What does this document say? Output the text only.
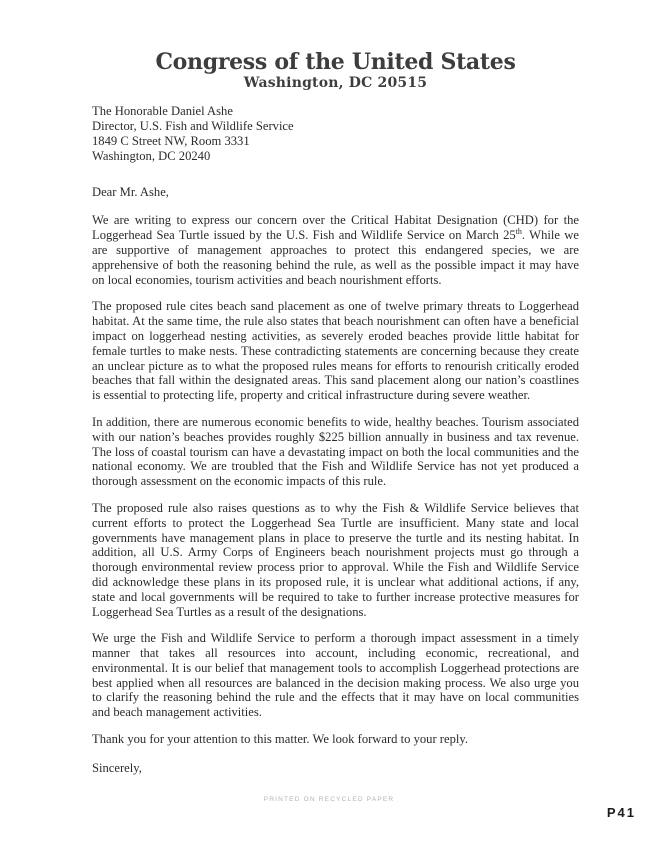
Congress of the United States
Washington, DC 20515
The Honorable Daniel Ashe
Director, U.S. Fish and Wildlife Service
1849 C Street NW, Room 3331
Washington, DC 20240

Dear Mr. Ashe,

We are writing to express our concern over the Critical Habitat Designation (CHD) for the Loggerhead Sea Turtle issued by the U.S. Fish and Wildlife Service on March 25th. While we are supportive of management approaches to protect this endangered species, we are apprehensive of both the reasoning behind the rule, as well as the possible impact it may have on local economies, tourism activities and beach nourishment efforts.

The proposed rule cites beach sand placement as one of twelve primary threats to Loggerhead habitat. At the same time, the rule also states that beach nourishment can often have a beneficial impact on loggerhead nesting activities, as severely eroded beaches provide little habitat for female turtles to make nests. These contradicting statements are concerning because they create an unclear picture as to what the proposed rules means for efforts to renourish critically eroded beaches that fall within the designated areas. This sand placement along our nation’s coastlines is essential to protecting life, property and critical infrastructure during severe weather.

In addition, there are numerous economic benefits to wide, healthy beaches. Tourism associated with our nation’s beaches provides roughly $225 billion annually in business and tax revenue. The loss of coastal tourism can have a devastating impact on both the local communities and the national economy. We are troubled that the Fish and Wildlife Service has not yet produced a thorough assessment on the economic impacts of this rule.

The proposed rule also raises questions as to why the Fish & Wildlife Service believes that current efforts to protect the Loggerhead Sea Turtle are insufficient. Many state and local governments have management plans in place to preserve the turtle and its nesting habitat. In addition, all U.S. Army Corps of Engineers beach nourishment projects must go through a thorough environmental review process prior to approval. While the Fish and Wildlife Service did acknowledge these plans in its proposed rule, it is unclear what additional actions, if any, state and local governments will be required to take to further increase protective measures for Loggerhead Sea Turtles as a result of the designations.

We urge the Fish and Wildlife Service to perform a thorough impact assessment in a timely manner that takes all resources into account, including economic, recreational, and environmental. It is our belief that management tools to accomplish Loggerhead protections are best applied when all resources are balanced in the decision making process. We also urge you to clarify the reasoning behind the rule and the effects that it may have on local communities and beach management activities.

Thank you for your attention to this matter. We look forward to your reply.

Sincerely,

PRINTED ON RECYCLED PAPER
P41
